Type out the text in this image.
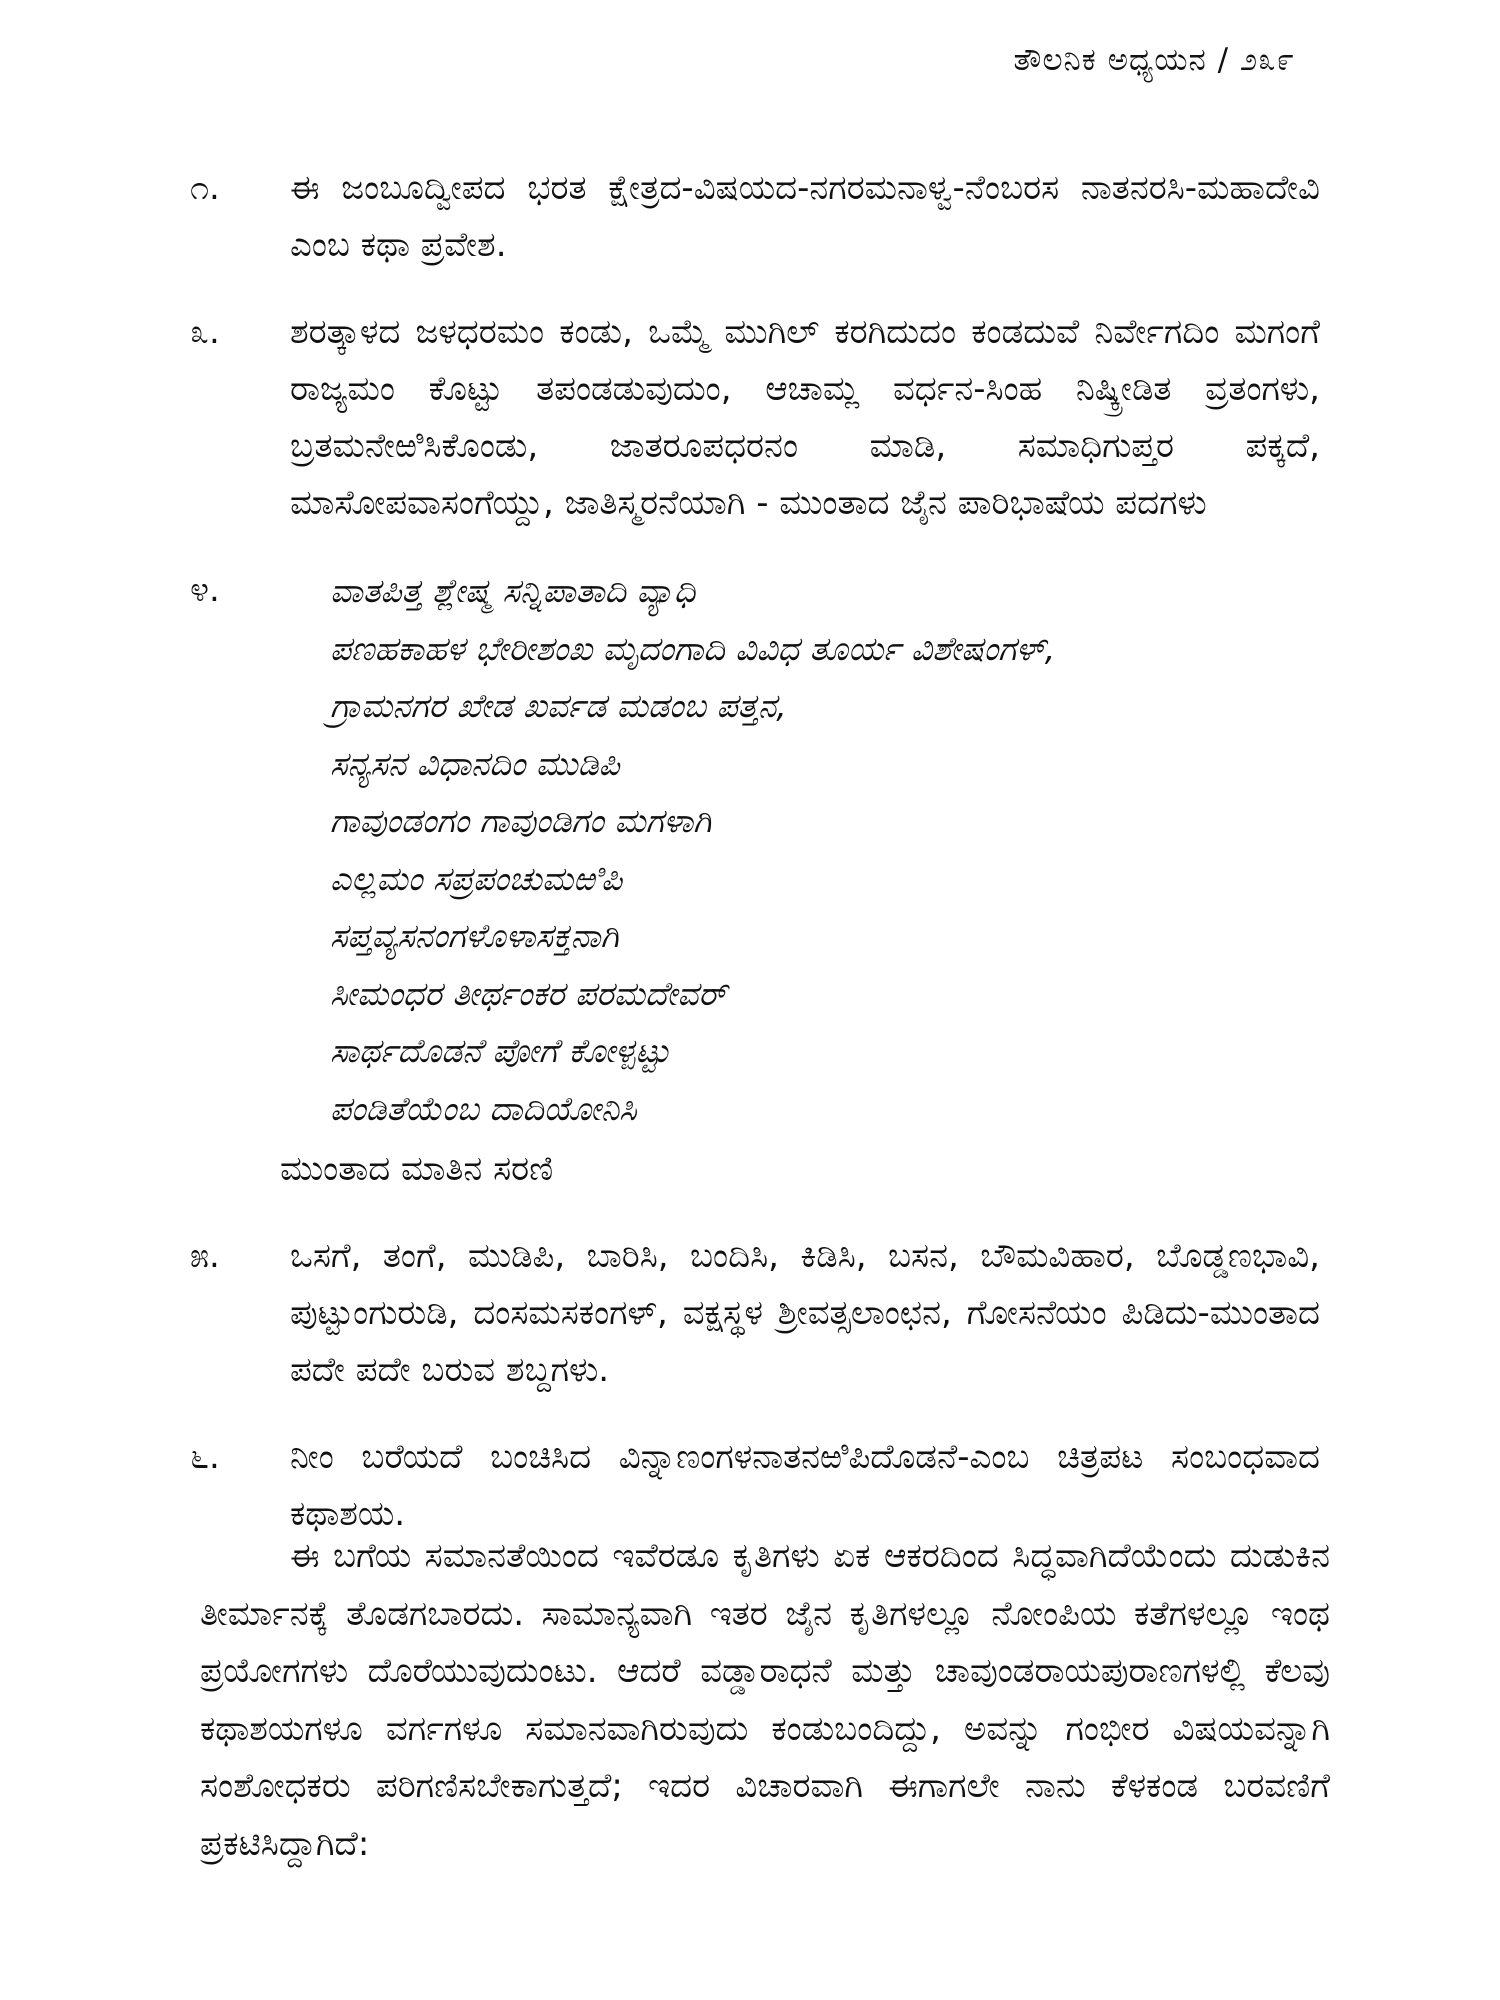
ತೌಲನಿಕ ಅಧ್ಯಯನ / ೨೩೯
೧.	ಈ ಜಂಬೂದ್ವೀಪದ ಭರತ ಕ್ಷೇತ್ರದ-ವಿಷಯದ-ನಗರಮನಾಳ್ವ-ನೆಂಬರಸ ನಾತನರಸಿ-ಮಹಾದೇವಿ ಎಂಬ ಕಥಾ ಪ್ರವೇಶ.

೩.	ಶರತ್ಕಾಳದ ಜಳಧರಮಂ ಕಂಡು, ಒಮ್ಮೆ ಮುಗಿಲ್ ಕರಗಿದುದಂ ಕಂಡದುವೆ ನಿರ್ವೇಗದಿಂ ಮಗಂಗೆ ರಾಜ್ಯಮಂ ಕೊಟ್ಟು ತಪಂಡಡುವುದುಂ, ಆಚಾಮ್ಲ ವರ್ಧನ-ಸಿಂಹ ನಿಷ್ಕ್ರೀಡಿತ ವ್ರತಂಗಳು, ಬ್ರತಮನೇಱಿಸಿಕೊಂಡು, ಜಾತರೂಪಧರನಂ ಮಾಡಿ, ಸಮಾಧಿಗುಪ್ತರ ಪಕ್ಕದೆ, ಮಾಸೋಪವಾಸಂಗೆಯ್ದು, ಜಾತಿಸ್ಮರನೆಯಾಗಿ - ಮುಂತಾದ ಜೈನ ಪಾರಿಭಾಷೆಯ ಪದಗಳು

೪.	ವಾತಪಿತ್ತ ಶ್ಲೇಷ್ಮ ಸನ್ನಿಪಾತಾದಿ ವ್ಯಾಧಿ
ಪಣಹಕಾಹಳ ಭೇರೀಶಂಖ ಮೃದಂಗಾದಿ ವಿವಿಧ ತೂರ್ಯ ವಿಶೇಷಂಗಳ್,
ಗ್ರಾಮನಗರ ಖೇಡ ಖರ್ವಡ ಮಡಂಬ ಪತ್ತನ,
ಸನ್ಯಸನ ವಿಧಾನದಿಂ ಮುಡಿಪಿ
ಗಾವುಂಡಂಗಂ ಗಾವುಂಡಿಗಂ ಮಗಳಾಗಿ
ಎಲ್ಲಮಂ ಸಪ್ರಪಂಚುಮಱಿಪಿ
ಸಪ್ತವ್ಯಸನಂಗಳೊಳಾಸಕ್ತನಾಗಿ
ಸೀಮಂಧರ ತೀರ್ಥಂಕರ ಪರಮದೇವರ್
ಸಾರ್ಥದೊಡನೆ ಪೋಗೆ ಕೋಳ್ಪಟ್ಟು
ಪಂಡಿತೆಯೆಂಬ ದಾದಿಯೋನಿಸಿ
ಮುಂತಾದ ಮಾತಿನ ಸರಣಿ
೫.	ಒಸಗೆ, ತಂಗೆ, ಮುಡಿಪಿ, ಬಾರಿಸಿ, ಬಂದಿಸಿ, ಕಿಡಿಸಿ, ಬಸನ, ಬೌಮವಿಹಾರ, ಬೊಡ್ಡಣಭಾವಿ, ಪುಟ್ಟುಂಗುರುಡಿ, ದಂಸಮಸಕಂಗಳ್, ವಕ್ಷಸ್ಥಳ ಶ್ರೀವತ್ಸಲಾಂಛನ, ಗೋಸನೆಯಂ ಪಿಡಿದು-ಮುಂತಾದ ಪದೇ ಪದೇ ಬರುವ ಶಬ್ದಗಳು.

೬.	ನೀಂ ಬರೆಯದೆ ಬಂಚಿಸಿದ ವಿನ್ನಾಣಂಗಳನಾತನಱಿಪಿದೊಡನೆ-ಎಂಬ ಚಿತ್ರಪಟ ಸಂಬಂಧವಾದ ಕಥಾಶಯ.

ಈ ಬಗೆಯ ಸಮಾನತೆಯಿಂದ ಇವೆರಡೂ ಕೃತಿಗಳು ಏಕ ಆಕರದಿಂದ ಸಿದ್ಧವಾಗಿದೆಯೆಂದು ದುಡುಕಿನ ತೀರ್ಮಾನಕ್ಕೆ ತೊಡಗಬಾರದು. ಸಾಮಾನ್ಯವಾಗಿ ಇತರ ಜೈನ ಕೃತಿಗಳಲ್ಲೂ ನೋಂಪಿಯ ಕತೆಗಳಲ್ಲೂ ಇಂಥ ಪ್ರಯೋಗಗಳು ದೊರೆಯುವುದುಂಟು. ಆದರೆ ವಡ್ಡಾರಾಧನೆ ಮತ್ತು ಚಾವುಂಡರಾಯಪುರಾಣಗಳಲ್ಲಿ ಕೆಲವು ಕಥಾಶಯಗಳೂ ವರ್ಗಗಳೂ ಸಮಾನವಾಗಿರುವುದು ಕಂಡುಬಂದಿದ್ದು, ಅವನ್ನು ಗಂಭೀರ ವಿಷಯವನ್ನಾಗಿ ಸಂಶೋಧಕರು ಪರಿಗಣಿಸಬೇಕಾಗುತ್ತದೆ; ಇದರ ವಿಚಾರವಾಗಿ ಈಗಾಗಲೇ ನಾನು ಕೆಳಕಂಡ ಬರವಣಿಗೆ ಪ್ರಕಟಿಸಿದ್ದಾಗಿದೆ:
